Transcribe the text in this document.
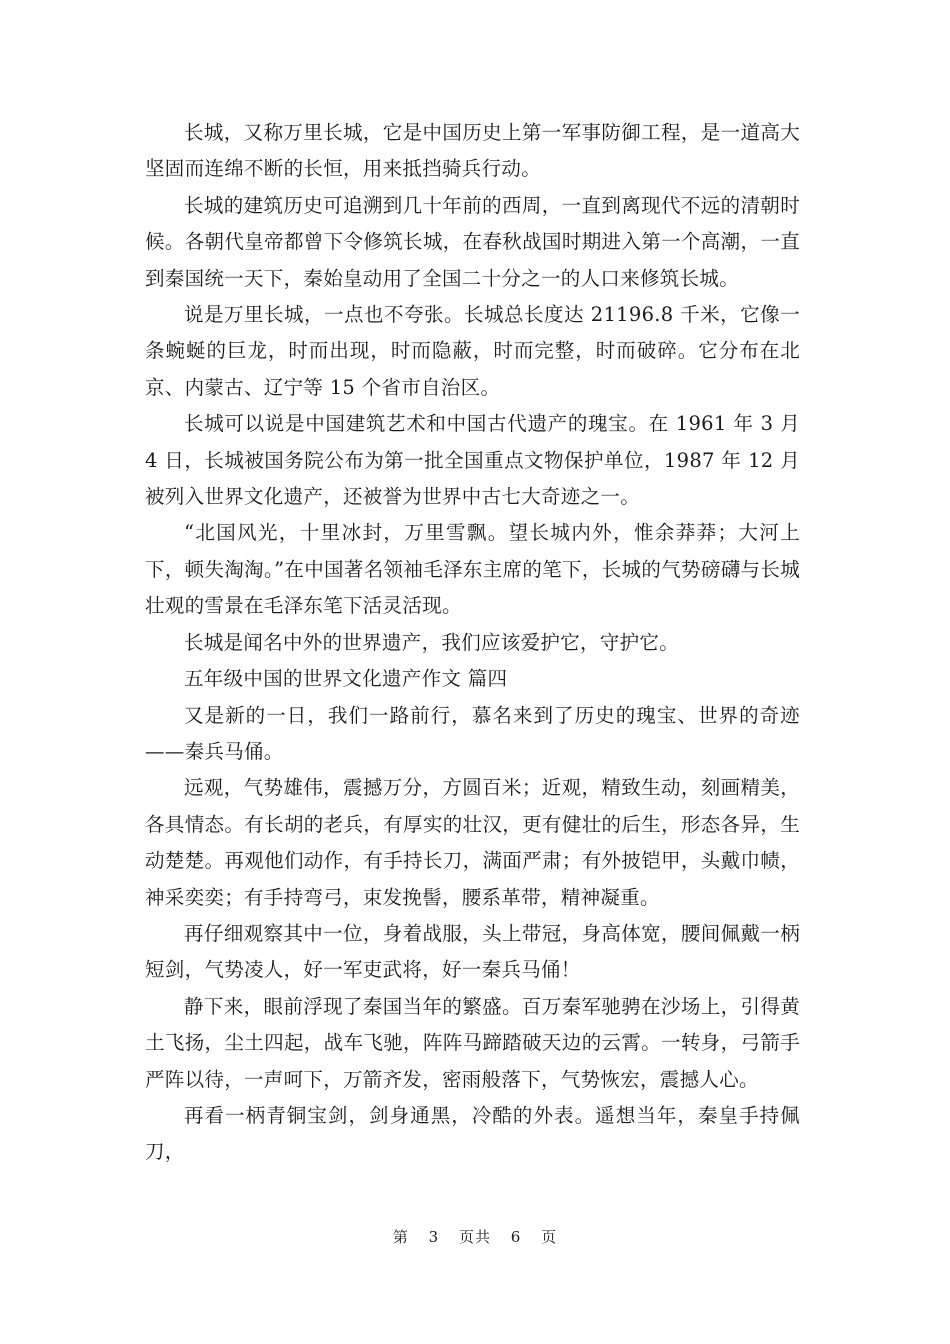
长城，又称万里长城，它是中国历史上第一军事防御工程，是一道高大坚固而连绵不断的长恒，用来抵挡骑兵行动。

长城的建筑历史可追溯到几十年前的西周，一直到离现代不远的清朝时候。各朝代皇帝都曾下令修筑长城，在春秋战国时期进入第一个高潮，一直到秦国统一天下，秦始皇动用了全国二十分之一的人口来修筑长城。

说是万里长城，一点也不夸张。长城总长度达 21196.8 千米，它像一条蜿蜒的巨龙，时而出现，时而隐蔽，时而完整，时而破碎。它分布在北京、内蒙古、辽宁等 15 个省市自治区。

长城可以说是中国建筑艺术和中国古代遗产的瑰宝。在 1961 年 3 月 4 日，长城被国务院公布为第一批全国重点文物保护单位，1987 年 12 月被列入世界文化遗产，还被誉为世界中古七大奇迹之一。

“北国风光，十里冰封，万里雪飘。望长城内外，惟余莽莽；大河上下，顿失淘淘。”在中国著名领袖毛泽东主席的笔下，长城的气势磅礴与长城壮观的雪景在毛泽东笔下活灵活现。

长城是闻名中外的世界遗产，我们应该爱护它，守护它。

五年级中国的世界文化遗产作文 篇四

又是新的一日，我们一路前行，慕名来到了历史的瑰宝、世界的奇迹——秦兵马俑。

远观，气势雄伟，震撼万分，方圆百米；近观，精致生动，刻画精美，各具情态。有长胡的老兵，有厚实的壮汉，更有健壮的后生，形态各异，生动楚楚。再观他们动作，有手持长刀，满面严肃；有外披铠甲，头戴巾帻，神采奕奕；有手持弯弓，束发挽髻，腰系革带，精神凝重。

再仔细观察其中一位，身着战服，头上带冠，身高体宽，腰间佩戴一柄短剑，气势凌人，好一军吏武将，好一秦兵马俑！

静下来，眼前浮现了秦国当年的繁盛。百万秦军驰骋在沙场上，引得黄土飞扬，尘土四起，战车飞驰，阵阵马蹄踏破天边的云霄。一转身，弓箭手严阵以待，一声呵下，万箭齐发，密雨般落下，气势恢宏，震撼人心。

再看一柄青铜宝剑，剑身通黑，冷酷的外表。遥想当年，秦皇手持佩刀，

第 3 页共 6 页
